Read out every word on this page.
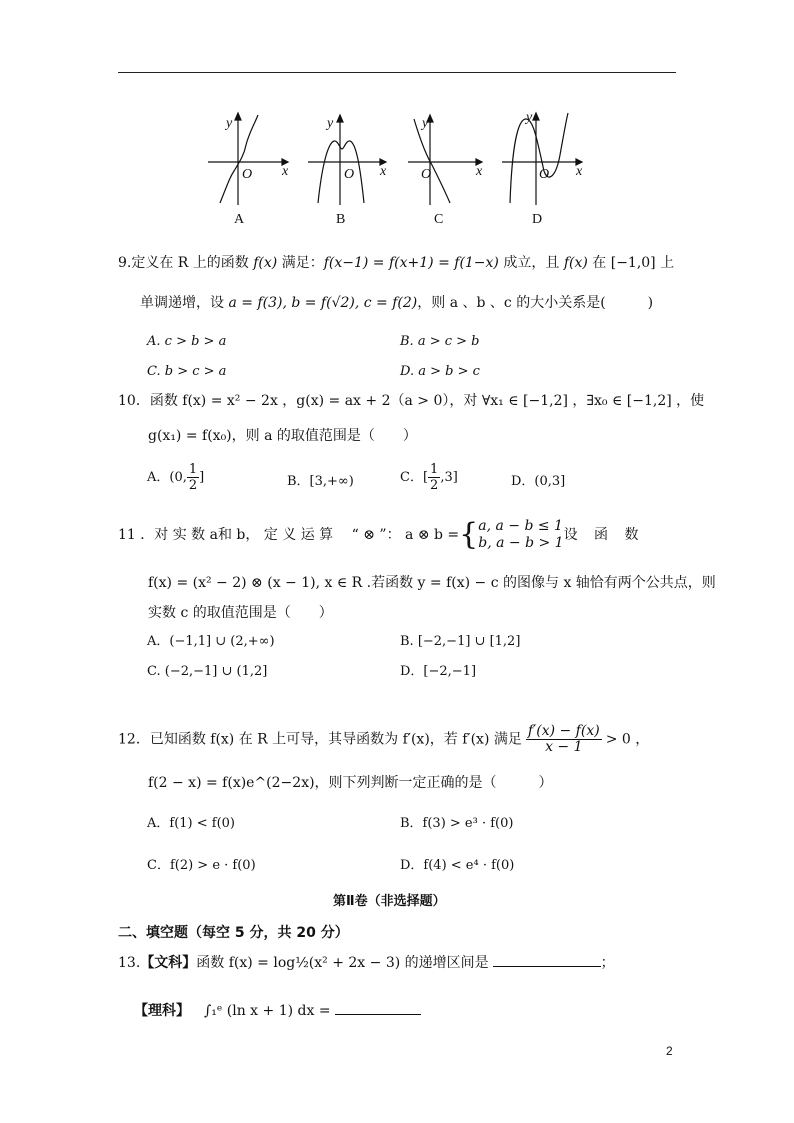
y
O x
A
y
O x
B
y
O	x
C
y
O x
D
9.定义在 R 上的函数 f(x) 满足：f(x−1) = f(x+1) = f(1−x) 成立，且 f(x) 在 [−1,0] 上
单调递增，设 a = f(3), b = f(√2), c = f(2)，则 a 、b 、c 的大小关系是(　　　)
A. c > b > a	B. a > c > b
C. b > c > a	D. a > b > c
10．函数 f(x) = x² − 2x ，g(x) = ax + 2（a > 0），对 ∀x₁ ∈ [−1,2] ，∃x₀ ∈ [−1,2] ，使
g(x₁) = f(x₀)，则 a 的取值范围是（　　）
A．(0, $\frac{1}{2}$ ]	B．[3,+∞)	C．[ $\frac{1}{2} ,3$]	D．(0,3]
11 ．对 实 数 a和 b， 定 义 运 算 　“ ⊗ ”： a ⊗ b ={ a, a − b ≤ 1
b, a − b > 1 设 函 数
f(x) = (x² − 2) ⊗ (x − 1), x ∈ R .若函数 y = f(x) − c 的图像与 x 轴恰有两个公共点，则
实数 c 的取值范围是（　　）
A．(−1,1] ∪ (2,+∞)	B. [−2,−1] ∪ [1,2]
C. (−2,−1] ∪ (1,2]	D．[−2,−1]
12．已知函数 f(x) 在 R 上可导，其导函数为 f′(x)，若 f′(x) 满足 $\frac{f'(x) - f(x)}{x - 1} > 0$ ，
f(2 − x) = f(x)e^(2−2x)，则下列判断一定正确的是（　　　）
A．f(1) < f(0)	B．f(3) > e³ · f(0)
C．f(2) > e · f(0)	D．f(4) < e⁴ · f(0)
第Ⅱ卷（非选择题）
二、填空题（每空 5 分，共 20 分）
13.【文科】函数 f(x) = log½(x² + 2x − 3) 的递增区间是	；
【理科】 ∫₁ᵉ (ln x + 1) dx =
2
